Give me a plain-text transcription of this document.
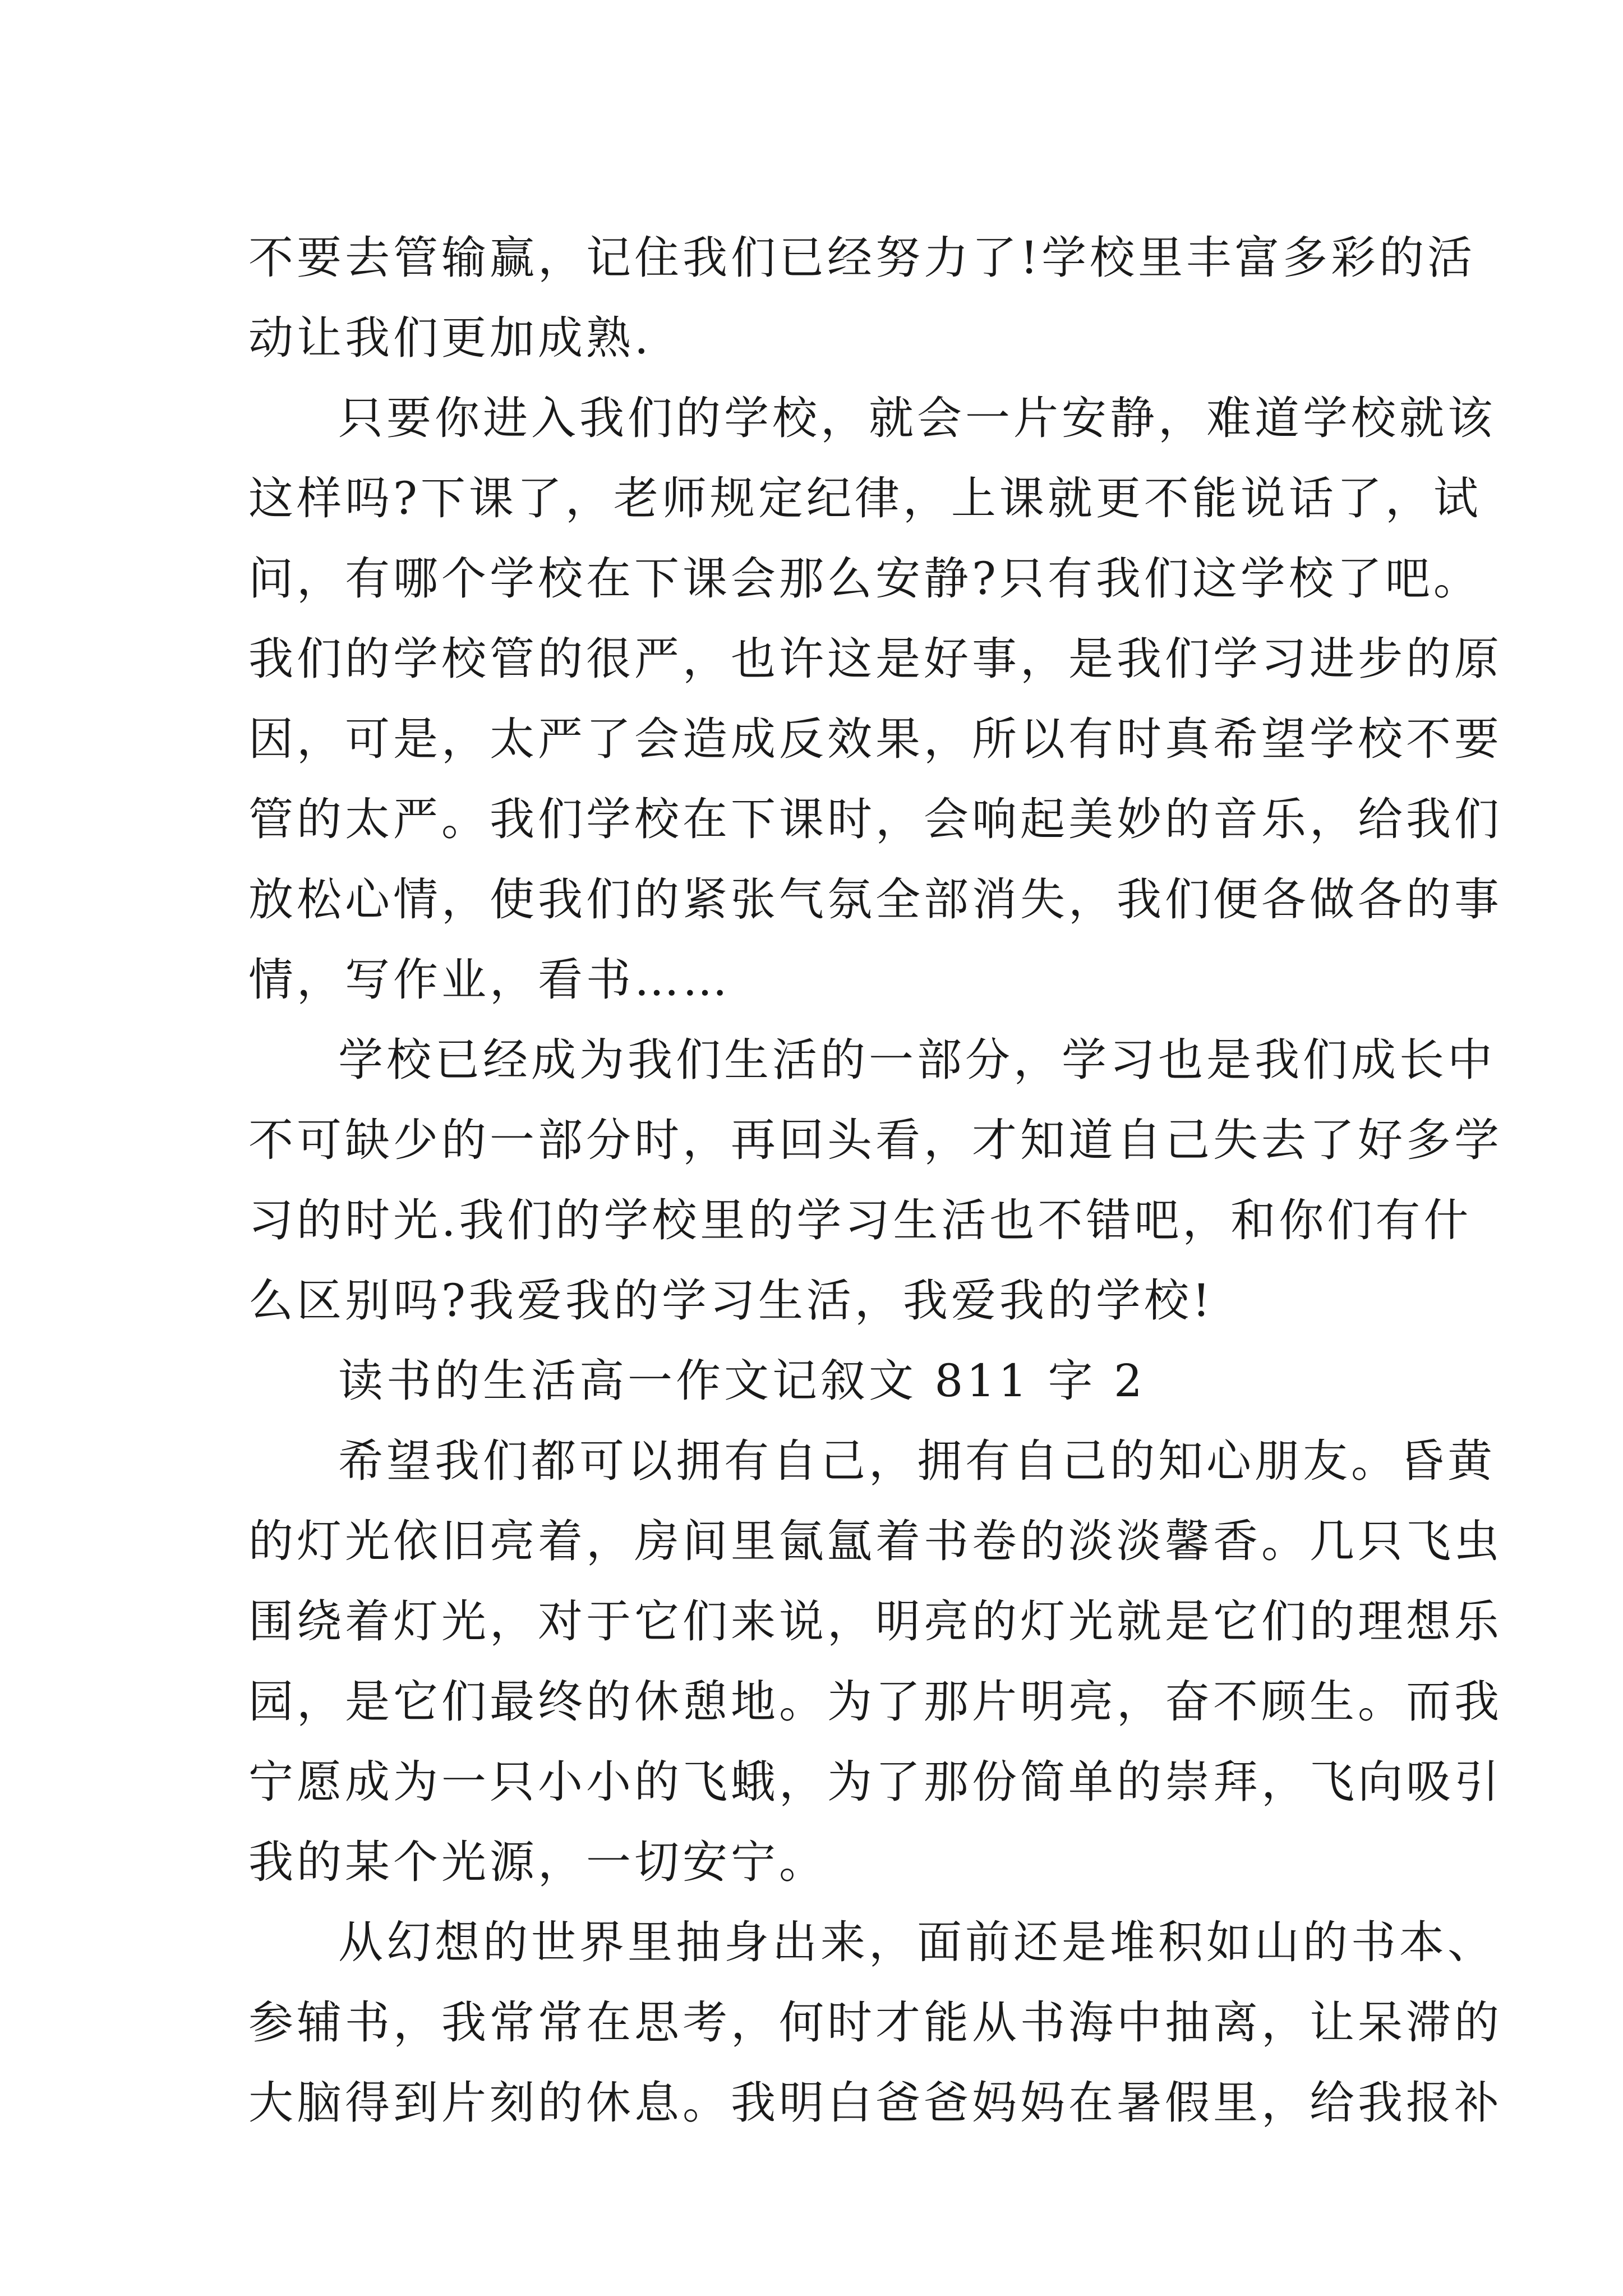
不要去管输赢，记住我们已经努力了!学校里丰富多彩的活
动让我们更加成熟.
只要你进入我们的学校，就会一片安静，难道学校就该
这样吗?下课了，老师规定纪律，上课就更不能说话了，试
问，有哪个学校在下课会那么安静?只有我们这学校了吧。
我们的学校管的很严，也许这是好事，是我们学习进步的原
因，可是，太严了会造成反效果，所以有时真希望学校不要
管的太严。我们学校在下课时，会响起美妙的音乐，给我们
放松心情，使我们的紧张气氛全部消失，我们便各做各的事
情，写作业，看书……
学校已经成为我们生活的一部分，学习也是我们成长中
不可缺少的一部分时，再回头看，才知道自己失去了好多学
习的时光.我们的学校里的学习生活也不错吧，和你们有什
么区别吗?我爱我的学习生活，我爱我的学校!
读书的生活高一作文记叙文 811 字 2
希望我们都可以拥有自己，拥有自己的知心朋友。昏黄
的灯光依旧亮着，房间里氤氲着书卷的淡淡馨香。几只飞虫
围绕着灯光，对于它们来说，明亮的灯光就是它们的理想乐
园，是它们最终的休憩地。为了那片明亮，奋不顾生。而我
宁愿成为一只小小的飞蛾，为了那份简单的崇拜，飞向吸引
我的某个光源，一切安宁。
从幻想的世界里抽身出来，面前还是堆积如山的书本、
参辅书，我常常在思考，何时才能从书海中抽离，让呆滞的
大脑得到片刻的休息。我明白爸爸妈妈在暑假里，给我报补
